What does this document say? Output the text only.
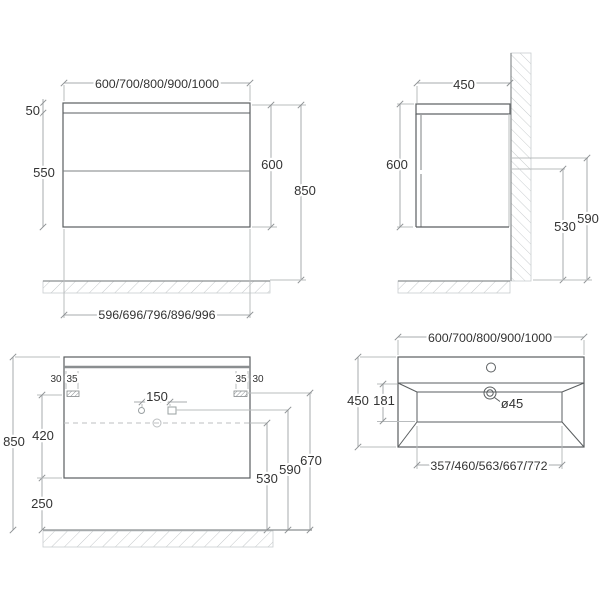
600/700/800/900/1000
50
550
600
850
596/696/796/896/996
450
600
530
590
850
30 35	35 30
420
250
150
530
590
670
600/700/800/900/1000
ø45
450 181
357/460/563/667/772
